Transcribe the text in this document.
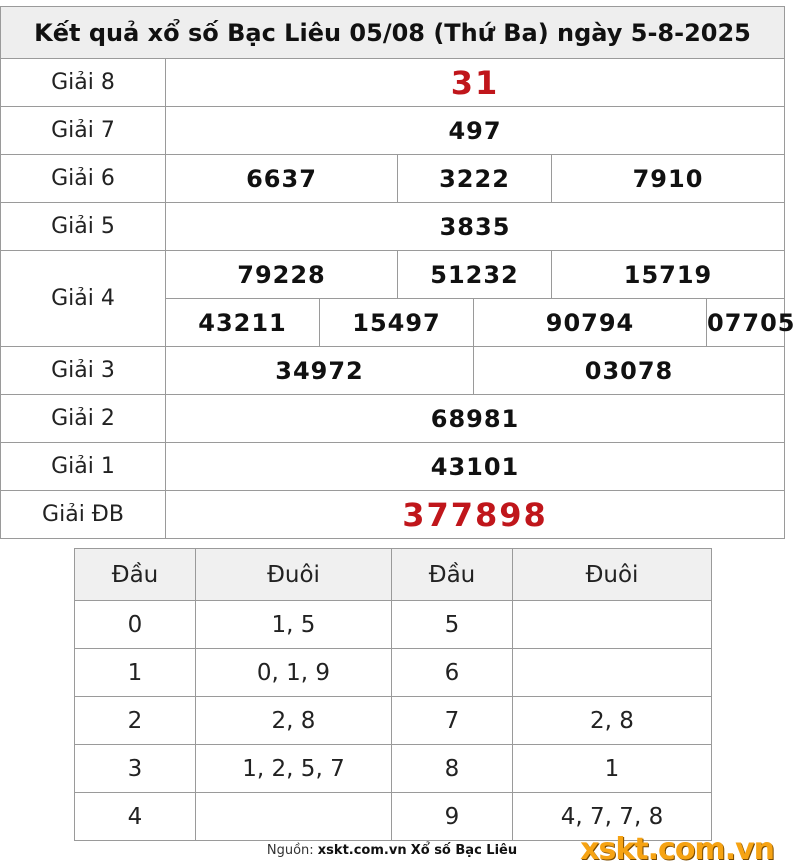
Kết quả xổ số Bạc Liêu 05/08 (Thứ Ba) ngày 5-8-2025						
Giải 8	31					
Giải 7	497					
Giải 6	6637		3222		7910	
Giải 5	3835					
Giải 4	79228		51232		15719	
	43211	15497		90794		07705
Giải 3	34972			03078		
Giải 2	68981					
Giải 1	43101					
Giải ĐB	377898					
Đầu	Đuôi	Đầu	Đuôi
0	1, 5	5	
1	0, 1, 9	6	
2	2, 8	7	2, 8
3	1, 2, 5, 7	8	1
4		9	4, 7, 7, 8
Nguồn: xskt.com.vn Xổ số Bạc Liêu	xskt.com.vn
